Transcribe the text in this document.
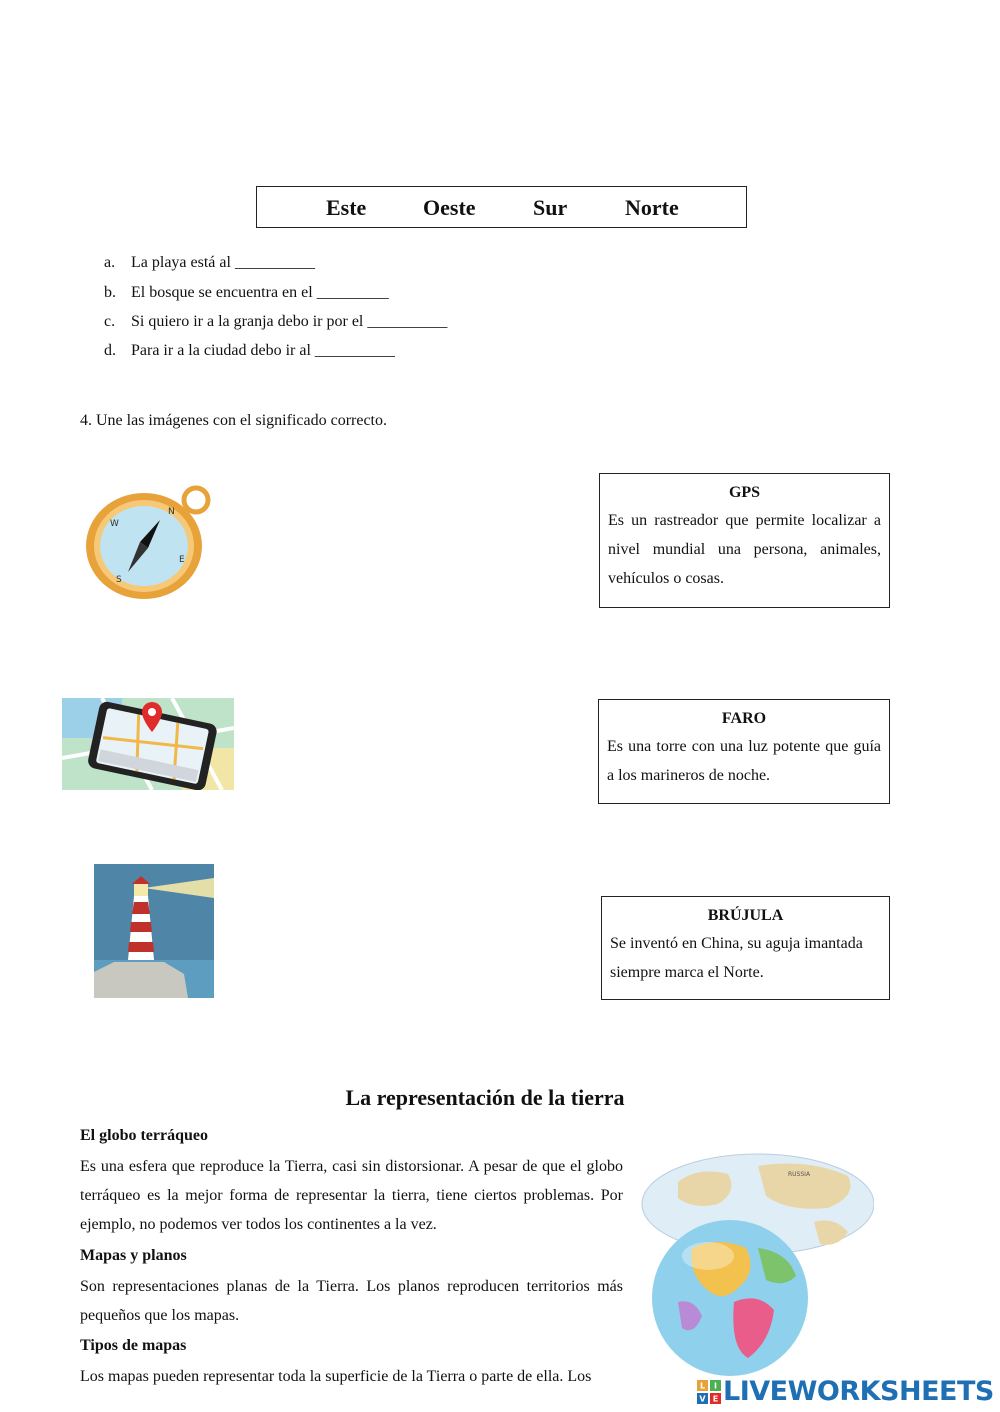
Este	Oeste	Sur	Norte
a. La playa está al __________
b. El bosque se encuentra en el _________
c. Si quiero ir a la granja debo ir por el __________
d. Para ir a la ciudad debo ir al __________
4. Une las imágenes con el significado correcto.
N
E
S
W
GPS
Es un rastreador que permite localizar a nivel mundial una persona, animales, vehículos o cosas.
FARO
Es una torre con una luz potente que guía a los marineros de noche.
BRÚJULA
Se inventó en China, su aguja imantada siempre marca el Norte.
La representación de la tierra
El globo terráqueo
Es una esfera que reproduce la Tierra, casi sin distorsionar. A pesar de que el globo terráqueo es la mejor forma de representar la tierra, tiene ciertos problemas. Por ejemplo, no podemos ver todos los continentes a la vez.
Mapas y planos
Son representaciones planas de la Tierra. Los planos reproducen territorios más pequeños que los mapas.
Tipos de mapas
Los mapas pueden representar toda la superficie de la Tierra o parte de ella. Los
RUSSIA
L I
V E LIVEWORKSHEETS
